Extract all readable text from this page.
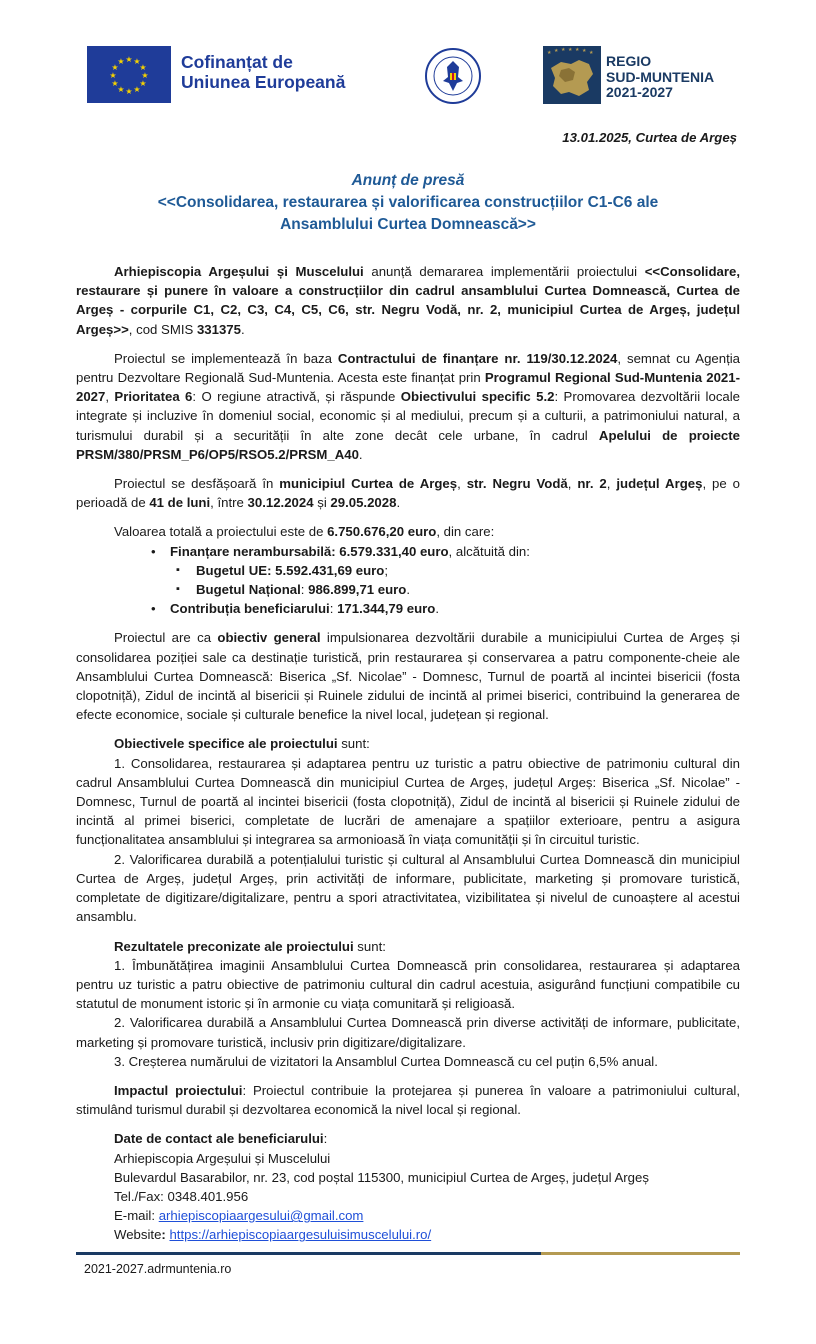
★ ★
★
★
★
★
★
★
★
★
★
★	Cofinanțat de
Uniunea Europeană
★ ★ ★ ★ ★ ★ ★ REGIO
SUD-MUNTENIA
2021-2027
13.01.2025, Curtea de Argeș
Anunț de presă
<<Consolidarea, restaurarea și valorificarea construcțiilor C1-C6 ale
Ansamblului Curtea Domnească>>

Arhiepiscopia Argeșului și Muscelului anunță demararea implementării proiectului <<Consolidare, restaurare și punere în valoare a construcțiilor din cadrul ansamblului Curtea Domnească, Curtea de Argeș - corpurile C1, C2, C3, C4, C5, C6, str. Negru Vodă, nr. 2, municipiul Curtea de Argeș, județul Argeș>>, cod SMIS 331375.

Proiectul se implementează în baza Contractului de finanțare nr. 119/30.12.2024, semnat cu Agenția pentru Dezvoltare Regională Sud-Muntenia. Acesta este finanțat prin Programul Regional Sud-Muntenia 2021-2027, Prioritatea 6: O regiune atractivă, și răspunde Obiectivului specific 5.2: Promovarea dezvoltării locale integrate și incluzive în domeniul social, economic și al mediului, precum și a culturii, a patrimoniului natural, a turismului durabil și a securității în alte zone decât cele urbane, în cadrul Apelului de proiecte PRSM/380/PRSM_P6/OP5/RSO5.2/PRSM_A40.

Proiectul se desfășoară în municipiul Curtea de Argeș, str. Negru Vodă, nr. 2, județul Argeș, pe o perioadă de 41 de luni, între 30.12.2024 și 29.05.2028.

Valoarea totală a proiectului este de 6.750.676,20 euro, din care:

• Finanțare nerambursabilă: 6.579.331,40 euro, alcătuită din:
▪ Bugetul UE: 5.592.431,69 euro;
▪ Bugetul Național: 986.899,71 euro.
• Contribuția beneficiarului: 171.344,79 euro.

Proiectul are ca obiectiv general impulsionarea dezvoltării durabile a municipiului Curtea de Argeș și consolidarea poziției sale ca destinație turistică, prin restaurarea și conservarea a patru componente-cheie ale Ansamblului Curtea Domnească: Biserica „Sf. Nicolae” - Domnesc, Turnul de poartă al incintei bisericii (fosta clopotniță), Zidul de incintă al bisericii și Ruinele zidului de incintă al primei biserici, contribuind la generarea de efecte economice, sociale și culturale benefice la nivel local, județean și regional.

Obiectivele specifice ale proiectului sunt:

1. Consolidarea, restaurarea și adaptarea pentru uz turistic a patru obiective de patrimoniu cultural din cadrul Ansamblului Curtea Domnească din municipiul Curtea de Argeș, județul Argeș: Biserica „Sf. Nicolae” - Domnesc, Turnul de poartă al incintei bisericii (fosta clopotniță), Zidul de incintă al bisericii și Ruinele zidului de incintă al primei biserici, completate de lucrări de amenajare a spațiilor exterioare, pentru a asigura funcționalitatea ansamblului și integrarea sa armonioasă în viața comunității și în circuitul turistic.

2. Valorificarea durabilă a potențialului turistic și cultural al Ansamblului Curtea Domnească din municipiul Curtea de Argeș, județul Argeș, prin activități de informare, publicitate, marketing și promovare turistică, completate de digitizare/digitalizare, pentru a spori atractivitatea, vizibilitatea și nivelul de cunoaștere al acestui ansamblu.

Rezultatele preconizate ale proiectului sunt:

1. Îmbunătățirea imaginii Ansamblului Curtea Domnească prin consolidarea, restaurarea și adaptarea pentru uz turistic a patru obiective de patrimoniu cultural din cadrul acestuia, asigurând funcțiuni compatibile cu statutul de monument istoric și în armonie cu viața comunitară și religioasă.

2. Valorificarea durabilă a Ansamblului Curtea Domnească prin diverse activități de informare, publicitate, marketing și promovare turistică, inclusiv prin digitizare/digitalizare.

3. Creșterea numărului de vizitatori la Ansamblul Curtea Domnească cu cel puțin 6,5% anual.

Impactul proiectului: Proiectul contribuie la protejarea și punerea în valoare a patrimoniului cultural, stimulând turismul durabil și dezvoltarea economică la nivel local și regional.

Date de contact ale beneficiarului:
Arhiepiscopia Argeșului și Muscelului
Bulevardul Basarabilor, nr. 23, cod poștal 115300, municipiul Curtea de Argeș, județul Argeș
Tel./Fax: 0348.401.956
E-mail: arhiepiscopiaargesului@gmail.com
Website: https://arhiepiscopiaargesuluisimuscelului.ro/
2021-2027.adrmuntenia.ro
